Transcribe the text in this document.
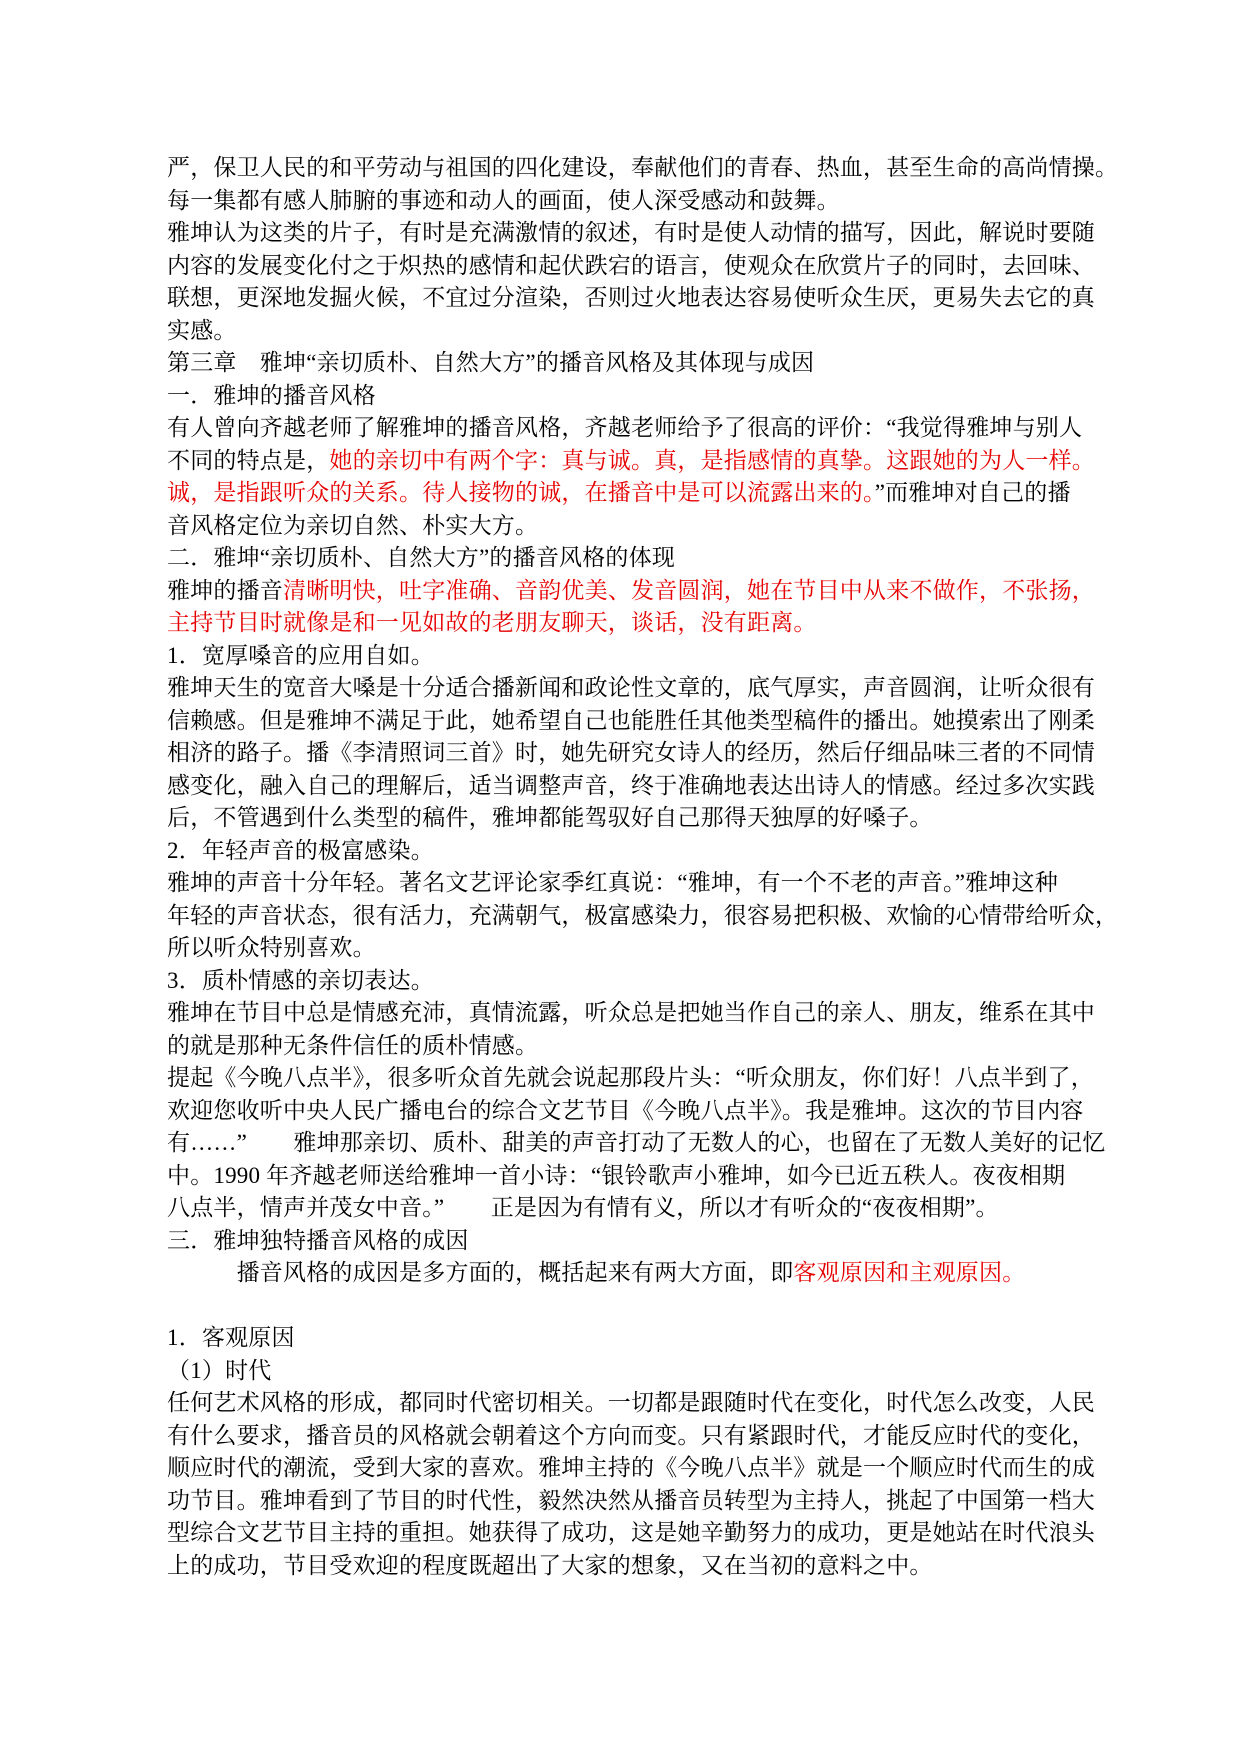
严，保卫人民的和平劳动与祖国的四化建设，奉献他们的青春、热血，甚至生命的高尚情操。
每一集都有感人肺腑的事迹和动人的画面，使人深受感动和鼓舞。
雅坤认为这类的片子，有时是充满激情的叙述，有时是使人动情的描写，因此，解说时要随
内容的发展变化付之于炽热的感情和起伏跌宕的语言，使观众在欣赏片子的同时，去回味、
联想，更深地发掘火候，不宜过分渲染，否则过火地表达容易使听众生厌，更易失去它的真
实感。
第三章　雅坤“亲切质朴、自然大方”的播音风格及其体现与成因
一．雅坤的播音风格
有人曾向齐越老师了解雅坤的播音风格，齐越老师给予了很高的评价：“我觉得雅坤与别人
不同的特点是，她的亲切中有两个字：真与诚。真，是指感情的真挚。这跟她的为人一样。
诚，是指跟听众的关系。待人接物的诚，在播音中是可以流露出来的。”而雅坤对自己的播
音风格定位为亲切自然、朴实大方。
二．雅坤“亲切质朴、自然大方”的播音风格的体现
雅坤的播音清晰明快，吐字准确、音韵优美、发音圆润，她在节目中从来不做作，不张扬，
主持节目时就像是和一见如故的老朋友聊天，谈话，没有距离。
1．宽厚嗓音的应用自如。
雅坤天生的宽音大嗓是十分适合播新闻和政论性文章的，底气厚实，声音圆润，让听众很有
信赖感。但是雅坤不满足于此，她希望自己也能胜任其他类型稿件的播出。她摸索出了刚柔
相济的路子。播《李清照词三首》时，她先研究女诗人的经历，然后仔细品味三者的不同情
感变化，融入自己的理解后，适当调整声音，终于准确地表达出诗人的情感。经过多次实践
后，不管遇到什么类型的稿件，雅坤都能驾驭好自己那得天独厚的好嗓子。
2．年轻声音的极富感染。
雅坤的声音十分年轻。著名文艺评论家季红真说：“雅坤，有一个不老的声音。”雅坤这种
年轻的声音状态，很有活力，充满朝气，极富感染力，很容易把积极、欢愉的心情带给听众，
所以听众特别喜欢。
3．质朴情感的亲切表达。
雅坤在节目中总是情感充沛，真情流露，听众总是把她当作自己的亲人、朋友，维系在其中
的就是那种无条件信任的质朴情感。
提起《今晚八点半》，很多听众首先就会说起那段片头：“听众朋友，你们好！八点半到了，
欢迎您收听中央人民广播电台的综合文艺节目《今晚八点半》。我是雅坤。这次的节目内容
有……”　　雅坤那亲切、质朴、甜美的声音打动了无数人的心，也留在了无数人美好的记忆
中。1990 年齐越老师送给雅坤一首小诗：“银铃歌声小雅坤，如今已近五秩人。夜夜相期
八点半，情声并茂女中音。”　　正是因为有情有义，所以才有听众的“夜夜相期”。
三．雅坤独特播音风格的成因
　　　播音风格的成因是多方面的，概括起来有两大方面，即客观原因和主观原因。

1．客观原因
（1）时代
任何艺术风格的形成，都同时代密切相关。一切都是跟随时代在变化，时代怎么改变，人民
有什么要求，播音员的风格就会朝着这个方向而变。只有紧跟时代，才能反应时代的变化，
顺应时代的潮流，受到大家的喜欢。雅坤主持的《今晚八点半》就是一个顺应时代而生的成
功节目。雅坤看到了节目的时代性，毅然决然从播音员转型为主持人，挑起了中国第一档大
型综合文艺节目主持的重担。她获得了成功，这是她辛勤努力的成功，更是她站在时代浪头
上的成功，节目受欢迎的程度既超出了大家的想象，又在当初的意料之中。
